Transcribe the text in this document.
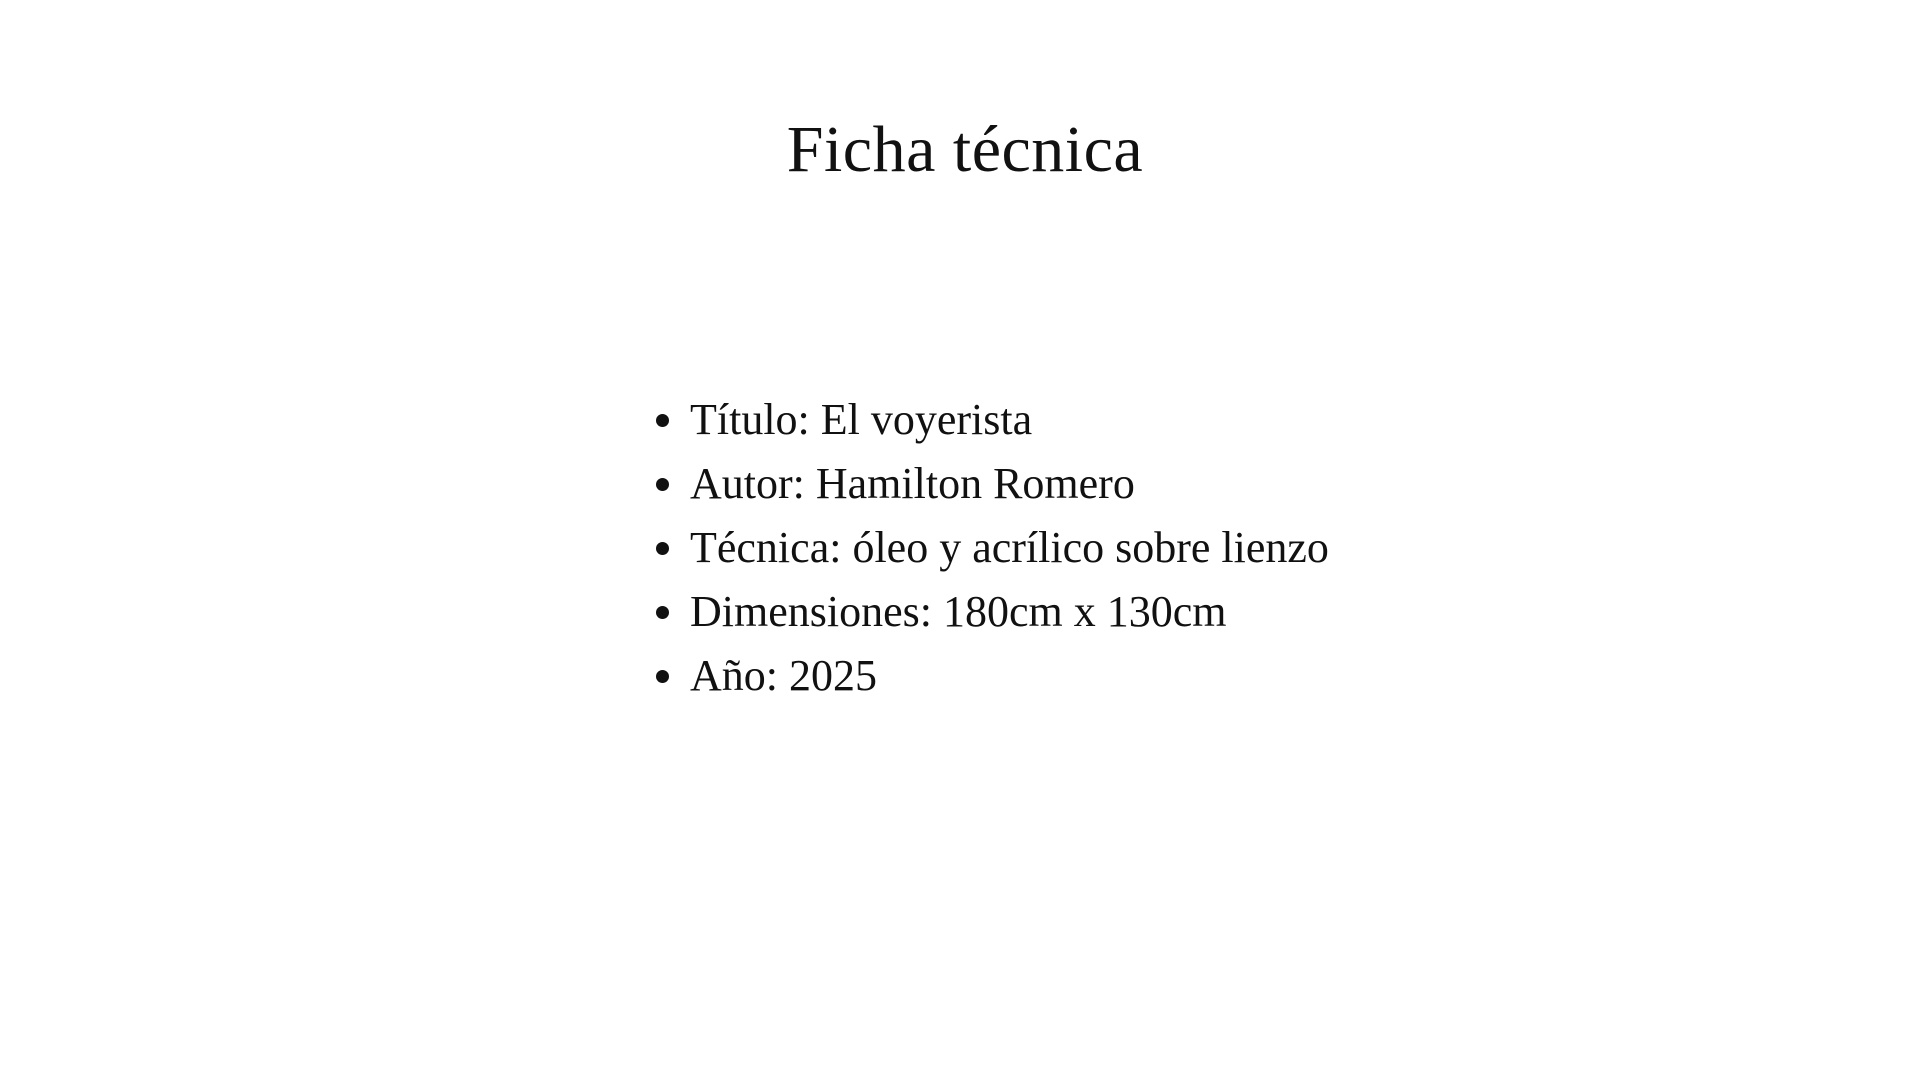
Ficha técnica
Título: El voyerista
Autor: Hamilton Romero
Técnica: óleo y acrílico sobre lienzo
Dimensiones: 180cm x 130cm
Año: 2025
